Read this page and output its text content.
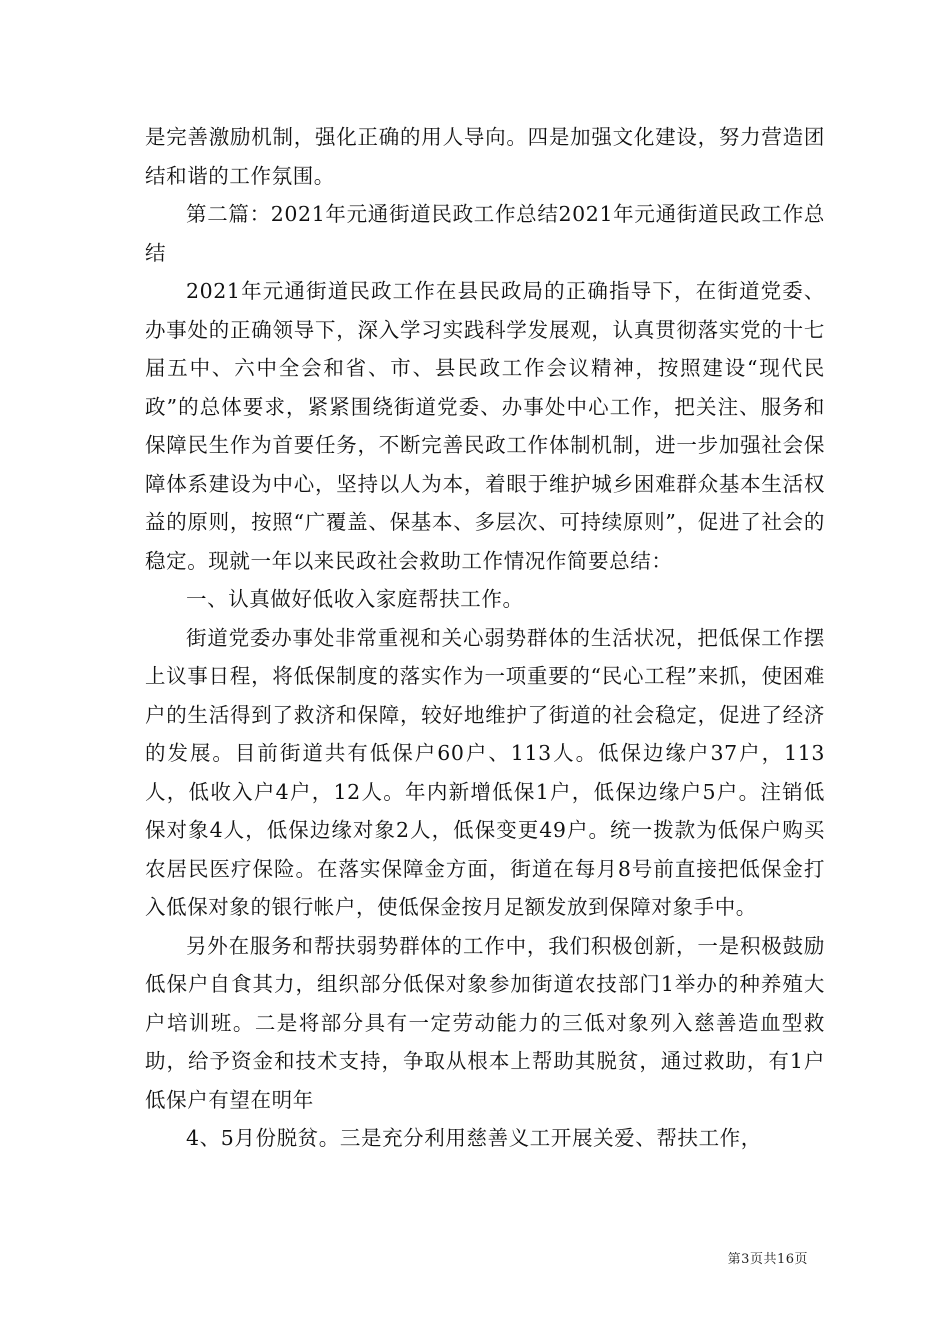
是完善激励机制，强化正确的用人导向。四是加强文化建设，努力营造团结和谐的工作氛围。

第二篇：2021年元通街道民政工作总结2021年元通街道民政工作总结

2021年元通街道民政工作在县民政局的正确指导下，在街道党委、办事处的正确领导下，深入学习实践科学发展观，认真贯彻落实党的十七届五中、六中全会和省、市、县民政工作会议精神，按照建设“现代民政”的总体要求，紧紧围绕街道党委、办事处中心工作，把关注、服务和保障民生作为首要任务，不断完善民政工作体制机制，进一步加强社会保障体系建设为中心，坚持以人为本，着眼于维护城乡困难群众基本生活权益的原则，按照“广覆盖、保基本、多层次、可持续原则”，促进了社会的稳定。现就一年以来民政社会救助工作情况作简要总结：

一、认真做好低收入家庭帮扶工作。

街道党委办事处非常重视和关心弱势群体的生活状况，把低保工作摆上议事日程，将低保制度的落实作为一项重要的“民心工程”来抓，使困难户的生活得到了救济和保障，较好地维护了街道的社会稳定，促进了经济的发展。目前街道共有低保户60户、113人。低保边缘户37户，113人，低收入户4户，12人。年内新增低保1户，低保边缘户5户。注销低保对象4人，低保边缘对象2人，低保变更49户。统一拨款为低保户购买农居民医疗保险。在落实保障金方面，街道在每月8号前直接把低保金打入低保对象的银行帐户，使低保金按月足额发放到保障对象手中。

另外在服务和帮扶弱势群体的工作中，我们积极创新，一是积极鼓励低保户自食其力，组织部分低保对象参加街道农技部门1举办的种养殖大户培训班。二是将部分具有一定劳动能力的三低对象列入慈善造血型救助，给予资金和技术支持，争取从根本上帮助其脱贫，通过救助，有1户低保户有望在明年

4、5月份脱贫。三是充分利用慈善义工开展关爱、帮扶工作，

第3页共16页
